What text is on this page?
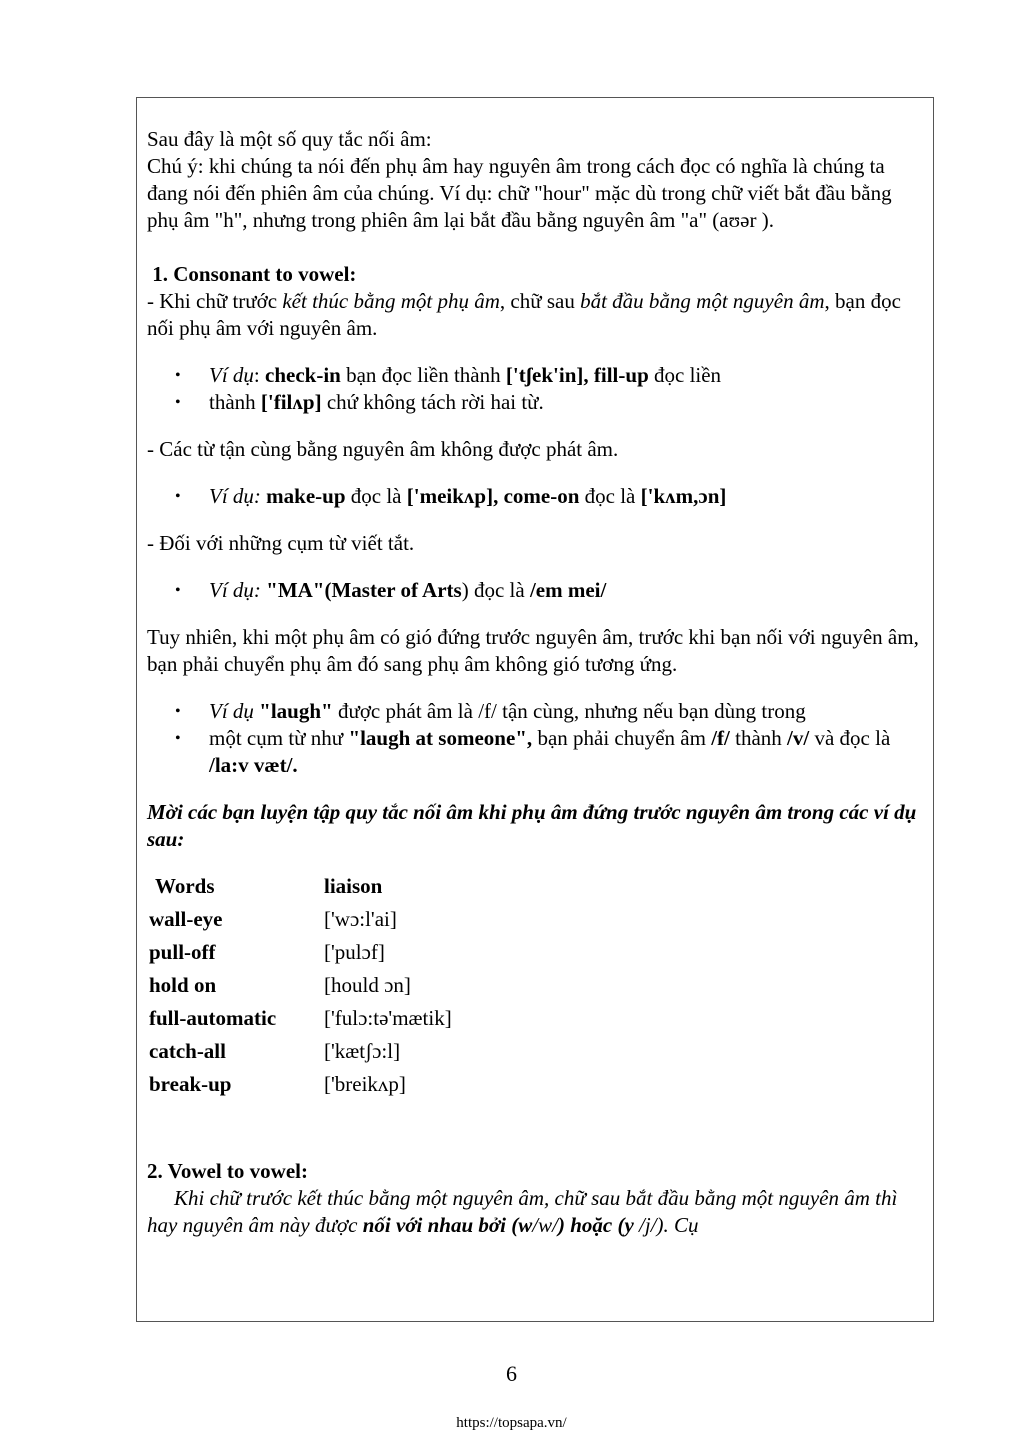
Sau đây là một số quy tắc nối âm:

Chú ý: khi chúng ta nói đến phụ âm hay nguyên âm trong cách đọc có nghĩa là chúng ta đang nói đến phiên âm của chúng. Ví dụ: chữ "hour" mặc dù trong chữ viết bắt đầu bằng phụ âm "h", nhưng trong phiên âm lại bắt đầu bằng nguyên âm "a" (aʊər ).

1. Consonant to vowel:

- Khi chữ trước kết thúc bằng một phụ âm, chữ sau bắt đầu bằng một nguyên âm, bạn đọc nối phụ âm với nguyên âm.

• Ví dụ: check-in bạn đọc liền thành ['tʃek'in], fill-up đọc liền
• thành ['filʌp] chứ không tách rời hai từ.

- Các từ tận cùng bằng nguyên âm không được phát âm.

• Ví dụ: make-up đọc là ['meikʌp], come-on đọc là ['kʌm,ɔn]

- Đối với những cụm từ viết tắt.

• Ví dụ: "MA"(Master of Arts) đọc là /em mei/

Tuy nhiên, khi một phụ âm có gió đứng trước nguyên âm, trước khi bạn nối với nguyên âm, bạn phải chuyển phụ âm đó sang phụ âm không gió tương ứng.

• Ví dụ "laugh" được phát âm là /f/ tận cùng, nhưng nếu bạn dùng trong
• một cụm từ như "laugh at someone", bạn phải chuyển âm /f/ thành /v/ và đọc là /la:v vӕt/.

Mời các bạn luyện tập quy tắc nối âm khi phụ âm đứng trước nguyên âm trong các ví dụ sau:

Words	liaison
wall-eye	['wɔ:l'ai]
pull-off	['pulɔf]
hold on	[hould ɔn]
full-automatic	['fulɔ:tə'mætik]
catch-all	['kætʃɔ:l]
break-up	['breikʌp]

2. Vowel to vowel:

Khi chữ trước kết thúc bằng một nguyên âm, chữ sau bắt đầu bằng một nguyên âm thì hay nguyên âm này được nối với nhau bởi (w/w/) hoặc (y /j/). Cụ

6
https://topsapa.vn/
